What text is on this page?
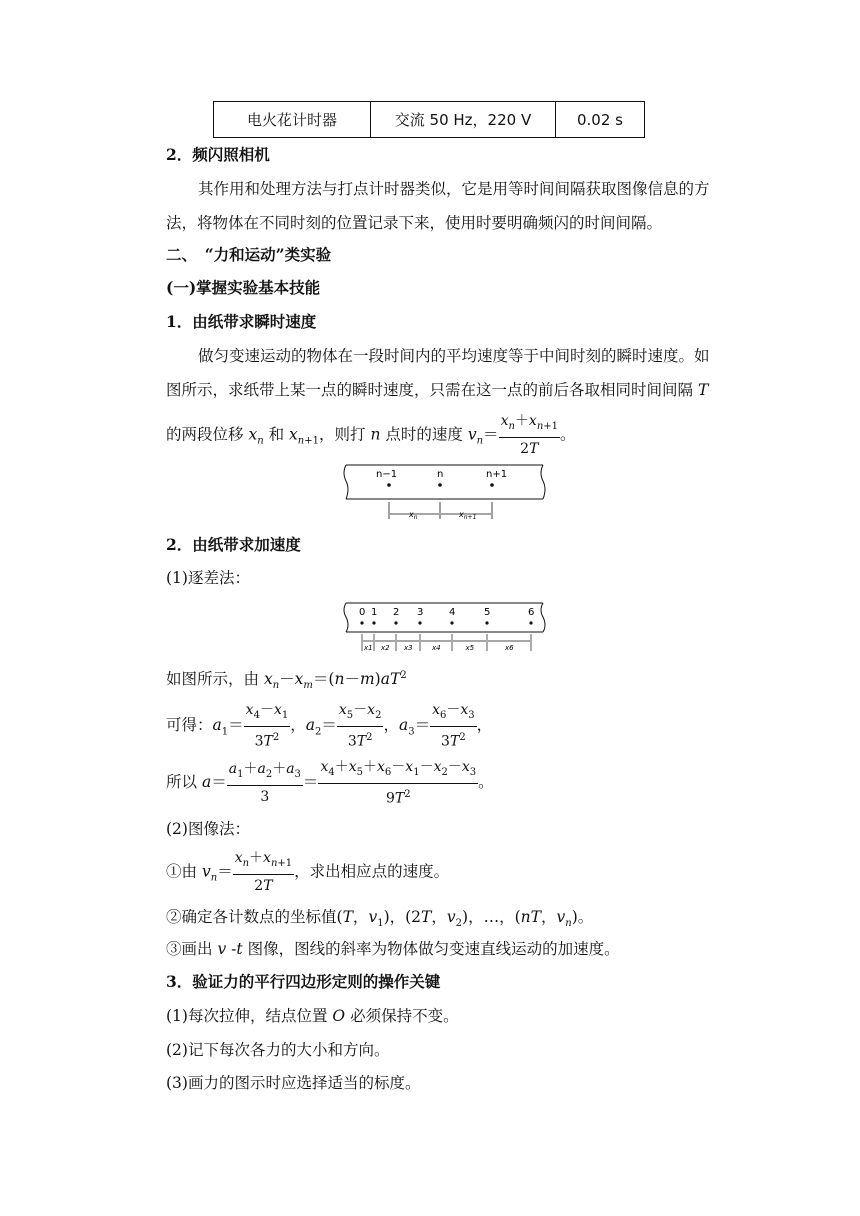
电火花计时器	交流 50 Hz，220 V	0.02 s
2．频闪照相机
其作用和处理方法与打点计时器类似，它是用等时间间隔获取图像信息的方
法，将物体在不同时刻的位置记录下来，使用时要明确频闪的时间间隔。
二、　“力和运动”类实验
(一)掌握实验基本技能
1．由纸带求瞬时速度
做匀变速运动的物体在一段时间内的平均速度等于中间时刻的瞬时速度。如
图所示，求纸带上某一点的瞬时速度，只需在这一点的前后各取相同时间间隔 T
的两段位移 $x_n$ 和 $x_{n+1}$，则打 n 点时的速度 $v_n= \frac{x_n+x_{n+1}}{2T}$ 。
n−1	n	n+1
$x_n$	$x_{n+1}$
2．由纸带求加速度
(1)逐差法：
0 1 2 3	4	5	6
x1 x2 x3	x4	x5	x6
如图所示，由 $x_n-x_m=(n-m)aT^2$
可得：$a_1= \frac{x_4-x_1}{3T^2}$ ，$a_2= \frac{x_5-x_2}{3T^2}$ ，$a_3= \frac{x_6-x_3}{3T^2}$ ，
所以 $a= \frac{a_1+a_2+a_3}{3} = \frac{x_4+x_5+x_6-x_1-x_2-x_3}{9T^2}$ 。
(2)图像法：
①由 $v_n= \frac{x_n+x_{n+1}}{2T}$ ，求出相应点的速度。
②确定各计数点的坐标值(T，$v_1$)，(2T，$v_2$)，…，(nT，$v_n$)。
③画出 v -t 图像，图线的斜率为物体做匀变速直线运动的加速度。
3．验证力的平行四边形定则的操作关键
(1)每次拉伸，结点位置 O 必须保持不变。
(2)记下每次各力的大小和方向。
(3)画力的图示时应选择适当的标度。
